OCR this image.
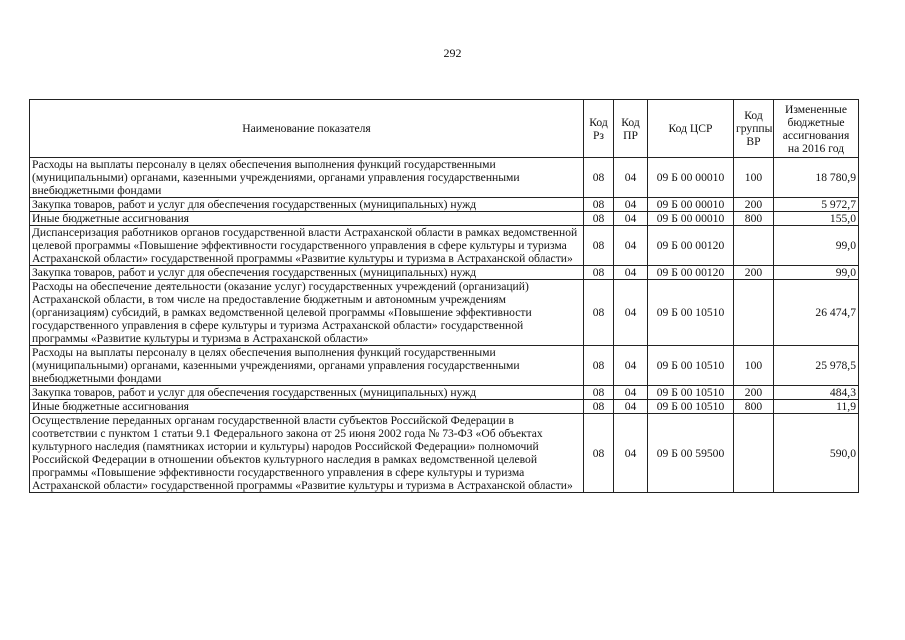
292
Наименование показателя	Код Рз	Код ПР	Код ЦСР	Код группы ВР	Измененные бюджетные ассигнования на 2016 год
Расходы на выплаты персоналу в целях обеспечения выполнения функций государственными (муниципальными) органами, казенными учреждениями, органами управления государственными внебюджетными фондами	08	04	09 Б 00 00010	100	18 780,9
Закупка товаров, работ и услуг для обеспечения государственных (муниципальных) нужд	08	04	09 Б 00 00010	200	5 972,7
Иные бюджетные ассигнования	08	04	09 Б 00 00010	800	155,0
Диспансеризация работников органов государственной власти Астраханской области в рамках ведомственной целевой программы «Повышение эффективности государственного управления в сфере культуры и туризма Астраханской области» государственной программы «Развитие культуры и туризма в Астраханской области»	08	04	09 Б 00 00120		99,0
Закупка товаров, работ и услуг для обеспечения государственных (муниципальных) нужд	08	04	09 Б 00 00120	200	99,0
Расходы на обеспечение деятельности (оказание услуг) государственных учреждений (организаций) Астраханской области, в том числе на предоставление бюджетным и автономным учреждениям (организациям) субсидий, в рамках ведомственной целевой программы «Повышение эффективности государственного управления в сфере культуры и туризма Астраханской области» государственной программы «Развитие культуры и туризма в Астраханской области»	08	04	09 Б 00 10510		26 474,7
Расходы на выплаты персоналу в целях обеспечения выполнения функций государственными (муниципальными) органами, казенными учреждениями, органами управления государственными внебюджетными фондами	08	04	09 Б 00 10510	100	25 978,5
Закупка товаров, работ и услуг для обеспечения государственных (муниципальных) нужд	08	04	09 Б 00 10510	200	484,3
Иные бюджетные ассигнования	08	04	09 Б 00 10510	800	11,9
Осуществление переданных органам государственной власти субъектов Российской Федерации в соответствии с пунктом 1 статьи 9.1 Федерального закона от 25 июня 2002 года № 73-ФЗ «Об объектах культурного наследия (памятниках истории и культуры) народов Российской Федерации» полномочий Российской Федерации в отношении объектов культурного наследия в рамках ведомственной целевой программы «Повышение эффективности государственного управления в сфере культуры и туризма Астраханской области» государственной программы «Развитие культуры и туризма в Астраханской области»	08	04	09 Б 00 59500		590,0
